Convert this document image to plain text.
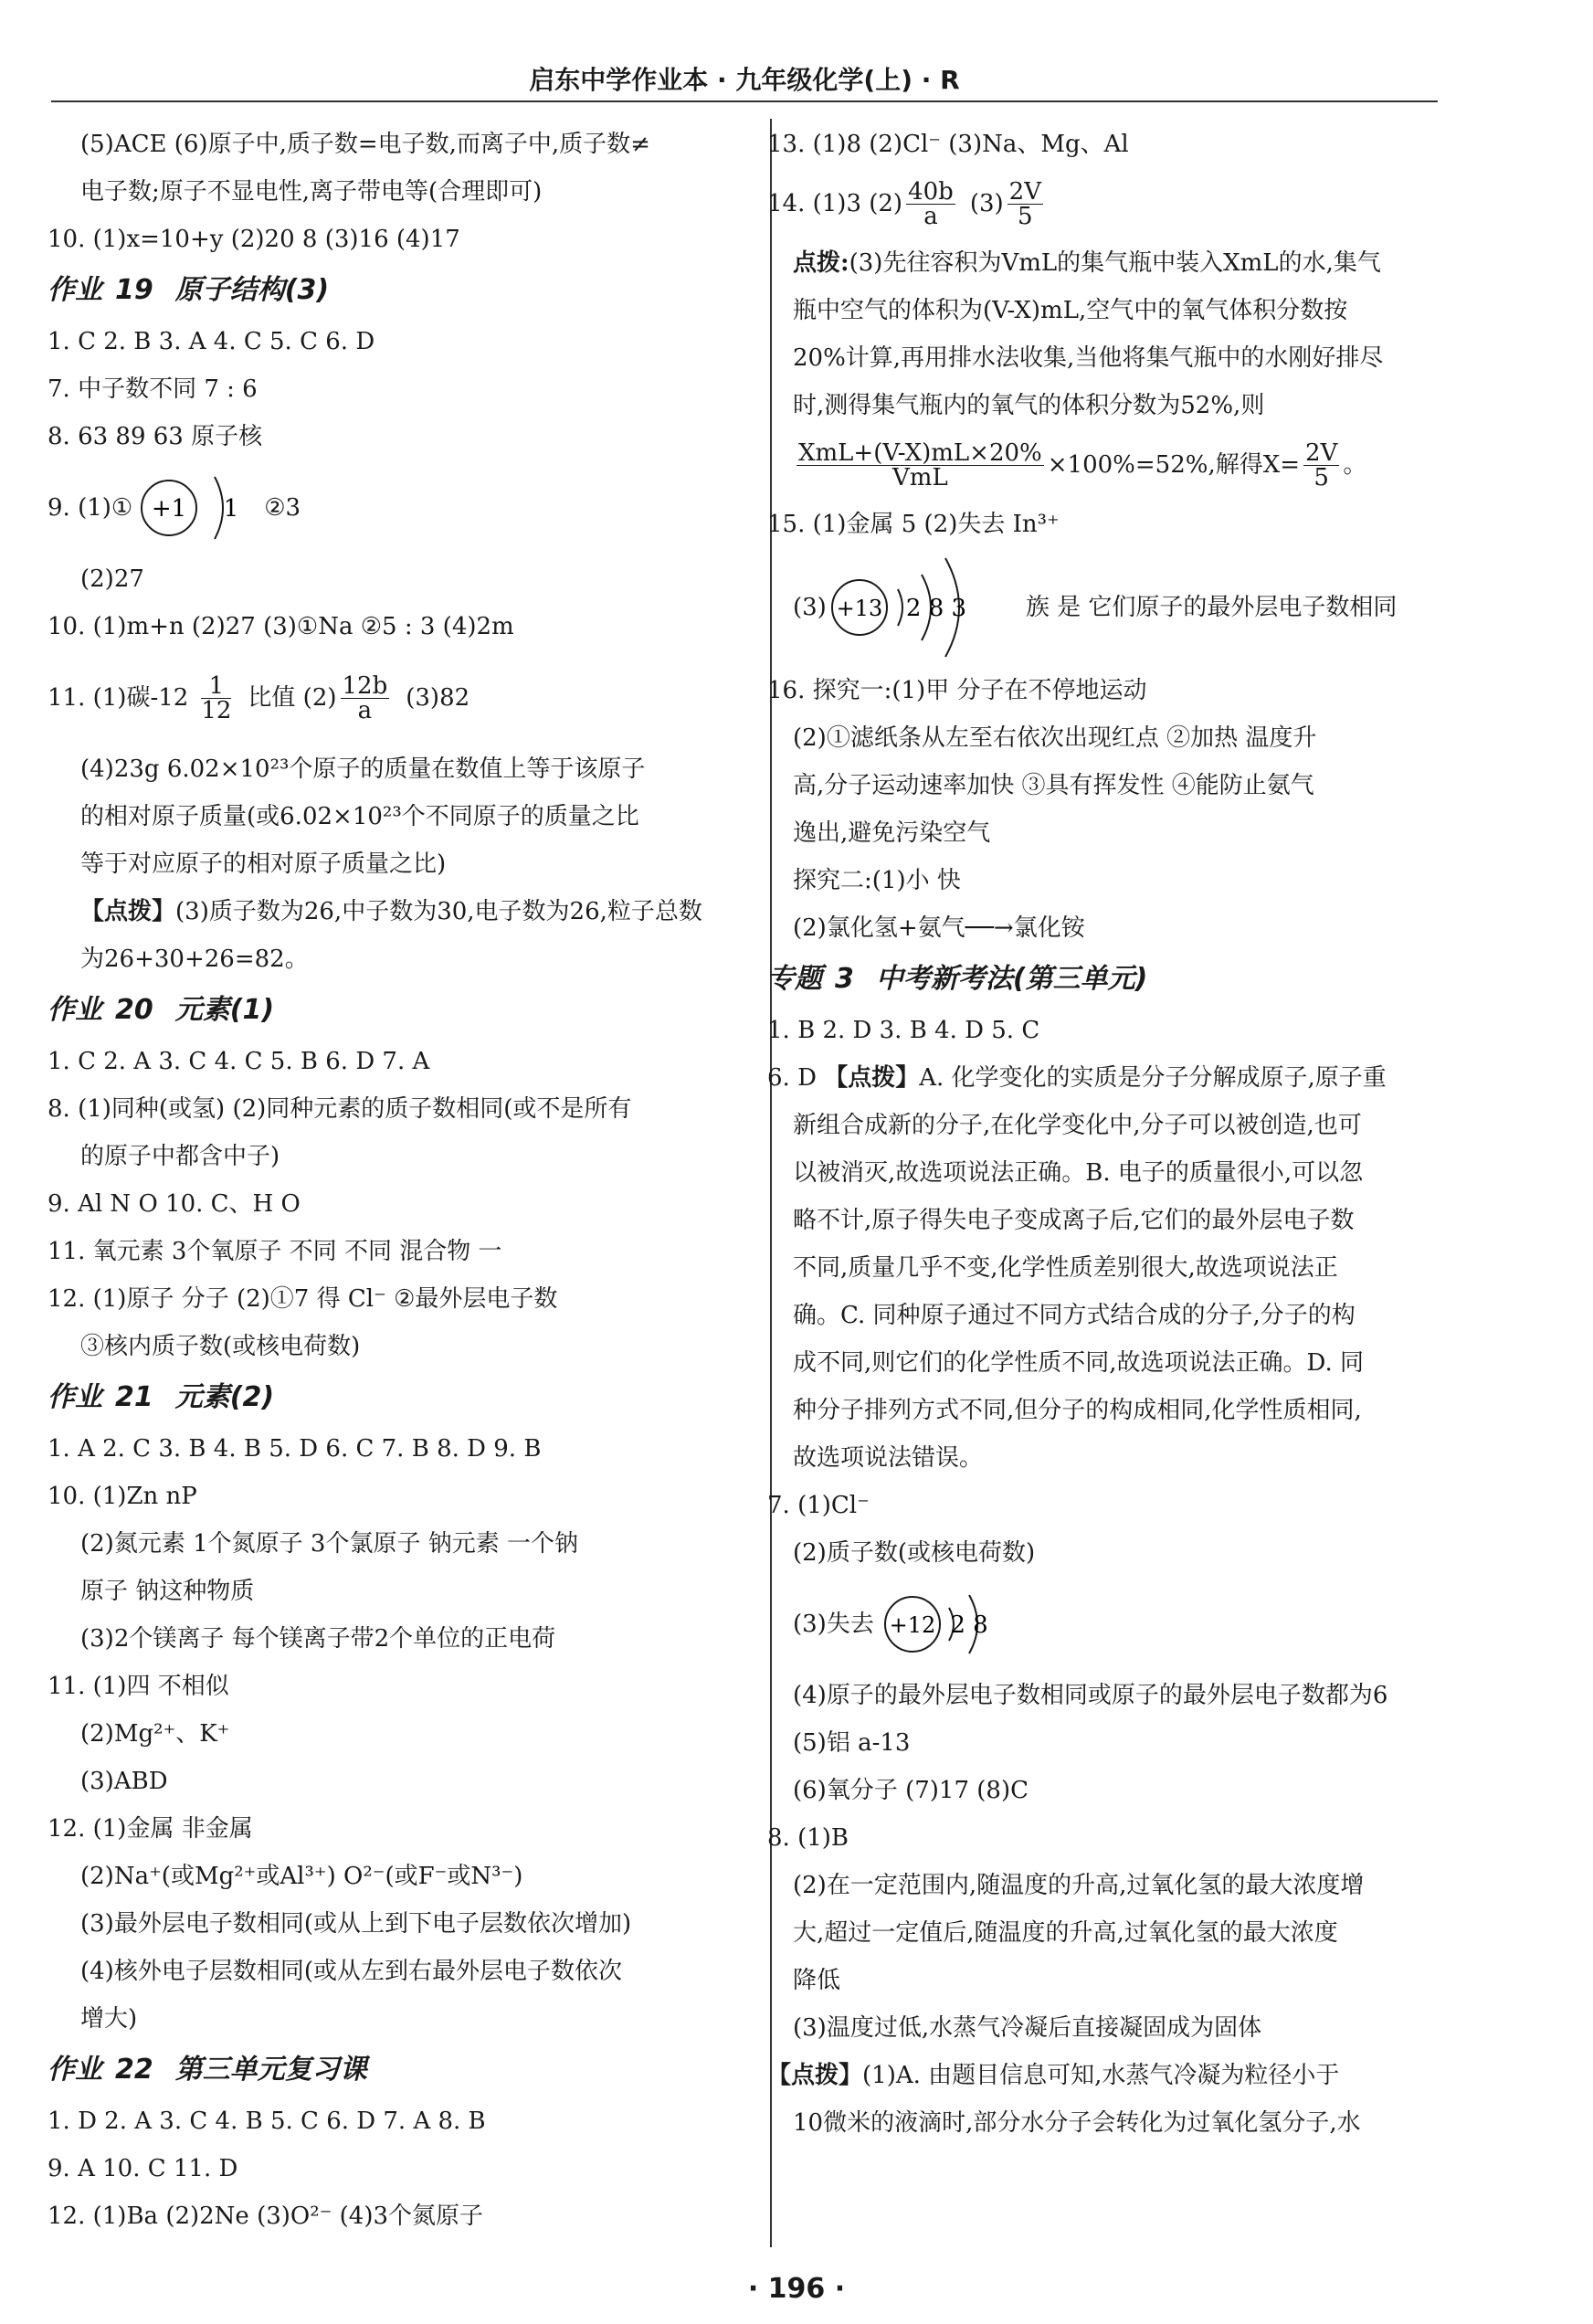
启东中学作业本 · 九年级化学(上) · R
(5)ACE (6)原子中,质子数=电子数,而离子中,质子数≠
电子数;原子不显电性,离子带电等(合理即可)
10. (1)x=10+y (2)20 8 (3)16 (4)17
作业 19 原子结构(3)
1. C 2. B 3. A 4. C 5. C 6. D
7. 中子数不同 7 : 6
8. 63 89 63 原子核
9. (1)① +1 1 ②3
(2)27
10. (1)m+n (2)27 (3)①Na ②5 : 3 (4)2m
11. (1)碳$-12 \frac{1}{12}$ 比值 $(2) \frac{12b}{a} (3)82$
(4)23g 6.02×10²³个原子的质量在数值上等于该原子
的相对原子质量(或6.02×10²³个不同原子的质量之比
等于对应原子的相对原子质量之比)
【点拨】(3)质子数为26,中子数为30,电子数为26,粒子总数
为26+30+26=82。
作业 20 元素(1)
1. C 2. A 3. C 4. C 5. B 6. D 7. A
8. (1)同种(或氢) (2)同种元素的质子数相同(或不是所有
的原子中都含中子)
9. Al N O 10. C、H O
11. 氧元素 3个氧原子 不同 不同 混合物 一
12. (1)原子 分子 (2)①7 得 Cl⁻ ②最外层电子数
③核内质子数(或核电荷数)
作业 21 元素(2)
1. A 2. C 3. B 4. B 5. D 6. C 7. B 8. D 9. B
10. (1)Zn nP
(2)氮元素 1个氮原子 3个氯原子 钠元素 一个钠
原子 钠这种物质
(3)2个镁离子 每个镁离子带2个单位的正电荷
11. (1)四 不相似
(2)Mg²⁺、K⁺
(3)ABD
12. (1)金属 非金属
(2)Na⁺(或Mg²⁺或Al³⁺) O²⁻(或F⁻或N³⁻)
(3)最外层电子数相同(或从上到下电子层数依次增加)
(4)核外电子层数相同(或从左到右最外层电子数依次
增大)
作业 22 第三单元复习课
1. D 2. A 3. C 4. B 5. C 6. D 7. A 8. B
9. A 10. C 11. D
12. (1)Ba (2)2Ne (3)O²⁻ (4)3个氮原子
13. (1)8 (2)Cl⁻ (3)Na、Mg、Al
14. (1)3 $(2) \frac{40b}{a} (3) \frac{2V}{5}$
点拨:(3)先往容积为VmL的集气瓶中装入XmL的水,集气
瓶中空气的体积为(V-X)mL,空气中的氧气体积分数按
20%计算,再用排水法收集,当他将集气瓶中的水刚好排尽
时,测得集气瓶内的氧气的体积分数为52%,则
$\frac{\text{XmL+(V-X)mL×20\%}}{\text{VmL}} \times 100\%=52\%$,解得$X= \frac{2V}{5}$ 。
15. (1)金属 5 (2)失去 In³⁺
(3) +13 2 8 3 族 是 它们原子的最外层电子数相同
16. 探究一:(1)甲 分子在不停地运动
(2)①滤纸条从左至右依次出现红点 ②加热 温度升
高,分子运动速率加快 ③具有挥发性 ④能防止氨气
逸出,避免污染空气
探究二:(1)小 快
(2)氯化氢+氨气──→氯化铵
专题 3 中考新考法(第三单元)
1. B 2. D 3. B 4. D 5. C
6. D 【点拨】A. 化学变化的实质是分子分解成原子,原子重
新组合成新的分子,在化学变化中,分子可以被创造,也可
以被消灭,故选项说法正确。B. 电子的质量很小,可以忽
略不计,原子得失电子变成离子后,它们的最外层电子数
不同,质量几乎不变,化学性质差别很大,故选项说法正
确。C. 同种原子通过不同方式结合成的分子,分子的构
成不同,则它们的化学性质不同,故选项说法正确。D. 同
种分子排列方式不同,但分子的构成相同,化学性质相同,
故选项说法错误。
7. (1)Cl⁻
(2)质子数(或核电荷数)
(3)失去 +12 2 8
(4)原子的最外层电子数相同或原子的最外层电子数都为6
(5)铝 a-13
(6)氧分子 (7)17 (8)C
8. (1)B
(2)在一定范围内,随温度的升高,过氧化氢的最大浓度增
大,超过一定值后,随温度的升高,过氧化氢的最大浓度
降低
(3)温度过低,水蒸气冷凝后直接凝固成为固体
【点拨】(1)A. 由题目信息可知,水蒸气冷凝为粒径小于
10微米的液滴时,部分水分子会转化为过氧化氢分子,水
· 196 ·
